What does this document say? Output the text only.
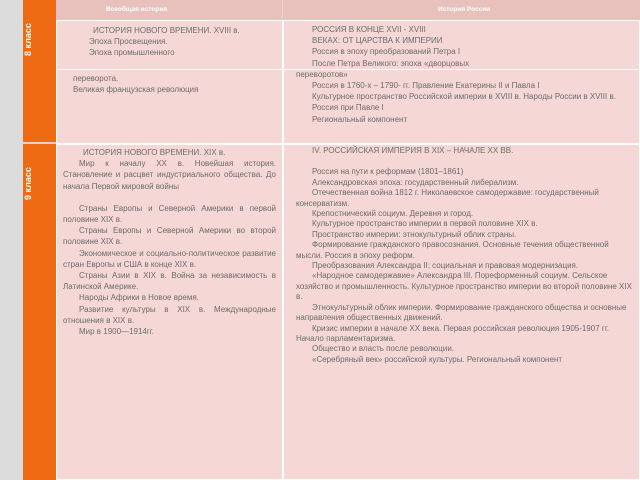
Всеобщая история	История России
8 класс
9 класс

ИСТОРИЯ НОВОГО ВРЕМЕНИ. XVIII в.

Эпоха Просвещения.

Эпоха промышленного

переворота.

Великая французская революция

РОССИЯ В КОНЦЕ XVII - XVIII

ВЕКАХ: ОТ ЦАРСТВА К ИМПЕРИИ

Россия в эпоху преобразований Петра I

После Петра Великого: эпоха «дворцовых

переворотов»

Россия в 1760-х – 1790- гг. Правление Екатерины II и Павла I

Культурное пространство Российской империи в XVIII в. Народы России в XVIII в.

Россия при Павле I

Региональный компонент

ИСТОРИЯ НОВОГО ВРЕМЕНИ. XIX в.

Мир к началу XX в. Новейшая история. Становление и расцвет индустриального общества. До начала Первой мировой войны

Страны Европы и Северной Америки в первой половине XIX в.

Страны Европы и Северной Америки во второй половине XIX в.

Экономическое и социально-политическое развитие стран Европы и США в конце XIX в.

Страны Азии в XIX в. Война за независимость в Латинской Америке.

Народы Африки в Новое время.

Развитие культуры в XIX в. Международные отношения в XIX в.

Мир в 1900—1914гг.

IV. РОССИЙСКАЯ ИМПЕРИЯ В XIX – НАЧАЛЕ XX ВВ.

Россия на пути к реформам (1801–1861)

Александровская эпоха: государственный либерализм.

Отечественная война 1812 г. Николаевское самодержавие: государственный консерватизм.

Крепостнический социум. Деревня и город.

Культурное пространство империи в первой половине XIX в.

Пространство империи: этнокультурный облик страны.

Формирование гражданского правосознания. Основные течения общественной мысли. Россия в эпоху реформ.

Преобразования Александра II: социальная и правовая модернизация.

«Народное самодержавие» Александра III. Пореформенный социум. Сельское хозяйство и промышленность. Культурное пространство империи во второй половине XIX в.

Этнокультурный облик империи. Формирование гражданского общества и основные направления общественных движений.

Кризис империи в начале XX века. Первая российская революция 1905-1907 гг. Начало парламентаризма.

Общество и власть после революции.

«Серебряный век» российской культуры. Региональный компонент
